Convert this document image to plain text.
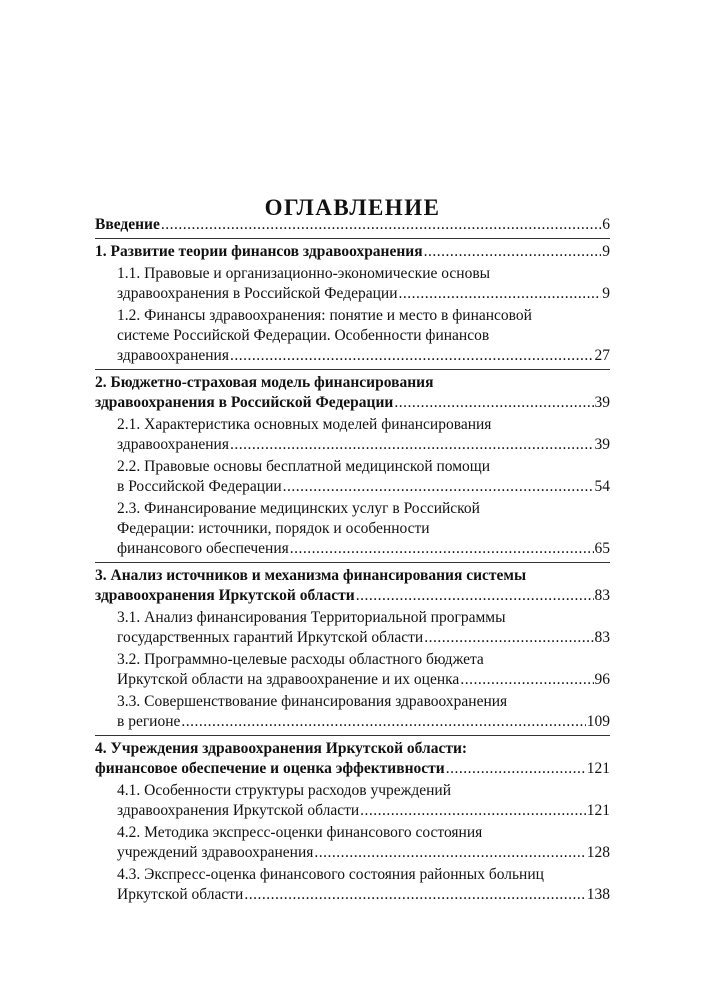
ОГЛАВЛЕНИЕ
Введение .....	6
1. Развитие теории финансов здравоохранения .....	9
1.1. Правовые и организационно-экономические основы
здравоохранения в Российской Федерации .....	9
1.2. Финансы здравоохранения: понятие и место в финансовой
системе Российской Федерации. Особенности финансов
здравоохранения .....	27
2. Бюджетно-страховая модель финансирования
здравоохранения в Российской Федерации .....	39
2.1. Характеристика основных моделей финансирования
здравоохранения .....	39
2.2. Правовые основы бесплатной медицинской помощи
в Российской Федерации .....	54
2.3. Финансирование медицинских услуг в Российской
Федерации: источники, порядок и особенности
финансового обеспечения .....	65
3. Анализ источников и механизма финансирования системы
здравоохранения Иркутской области .....	83
3.1. Анализ финансирования Территориальной программы
государственных гарантий Иркутской области .....	83
3.2. Программно-целевые расходы областного бюджета
Иркутской области на здравоохранение и их оценка .....	96
3.3. Совершенствование финансирования здравоохранения
в регионе .....	109
4. Учреждения здравоохранения Иркутской области:
финансовое обеспечение и оценка эффективности .....	121
4.1. Особенности структуры расходов учреждений
здравоохранения Иркутской области .....	121
4.2. Методика экспресс-оценки финансового состояния
учреждений здравоохранения .....	128
4.3. Экспресс-оценка финансового состояния районных больниц
Иркутской области .....	138
